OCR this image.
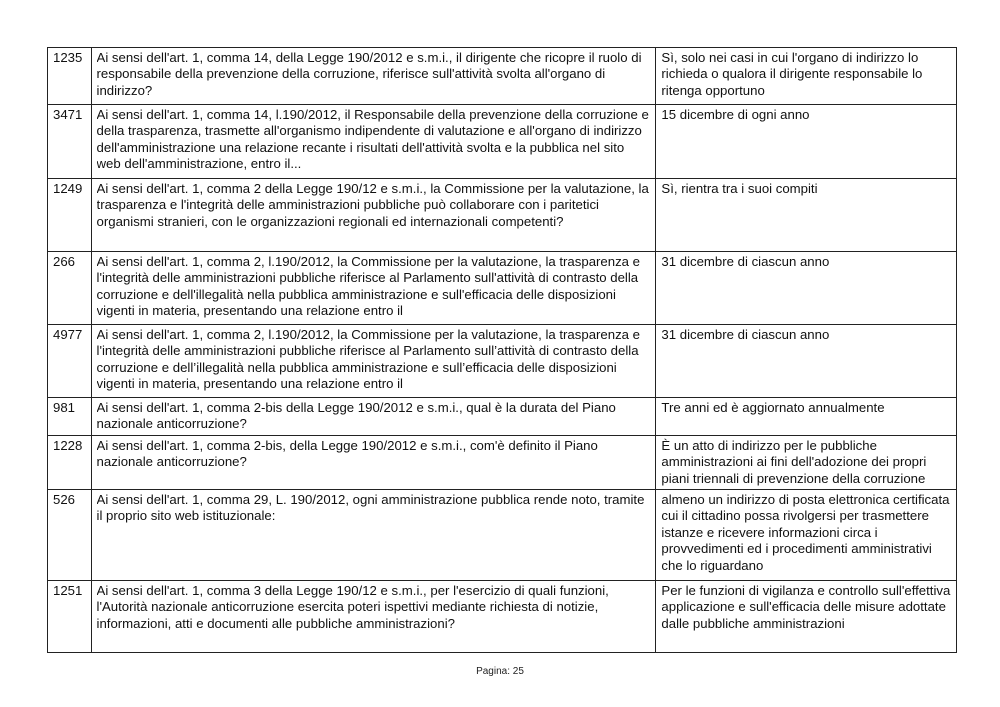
1235	Ai sensi dell'art. 1, comma 14, della Legge 190/2012 e s.m.i., il dirigente che ricopre il ruolo di responsabile della prevenzione della corruzione, riferisce sull'attività svolta all'organo di indirizzo?	Sì, solo nei casi in cui l'organo di indirizzo lo richieda o qualora il dirigente responsabile lo ritenga opportuno

3471	Ai sensi dell'art. 1, comma 14, l.190/2012, il Responsabile della prevenzione della corruzione e della trasparenza, trasmette all'organismo indipendente di valutazione e all'organo di indirizzo dell'amministrazione una relazione recante i risultati dell'attività svolta e la pubblica nel sito web dell'amministrazione, entro il...	15 dicembre di ogni anno

1249	Ai sensi dell'art. 1, comma 2 della Legge 190/12 e s.m.i., la Commissione per la valutazione, la trasparenza e l'integrità delle amministrazioni pubbliche può collaborare con i paritetici organismi stranieri, con le organizzazioni regionali ed internazionali competenti?	Sì, rientra tra i suoi compiti

266	Ai sensi dell'art. 1, comma 2, l.190/2012, la Commissione per la valutazione, la trasparenza e l'integrità delle amministrazioni pubbliche riferisce al Parlamento sull'attività di contrasto della corruzione e dell'illegalità nella pubblica amministrazione e sull'efficacia delle disposizioni vigenti in materia, presentando una relazione entro il	31 dicembre di ciascun anno

4977	Ai sensi dell'art. 1, comma 2, l.190/2012, la Commissione per la valutazione, la trasparenza e l'integrità delle amministrazioni pubbliche riferisce al Parlamento sull’attività di contrasto della corruzione e dell’illegalità nella pubblica amministrazione e sull’efficacia delle disposizioni vigenti in materia, presentando una relazione entro il	31 dicembre di ciascun anno

981	Ai sensi dell'art. 1, comma 2-bis della Legge 190/2012 e s.m.i., qual è la durata del Piano nazionale anticorruzione?	Tre anni ed è aggiornato annualmente

1228	Ai sensi dell'art. 1, comma 2-bis, della Legge 190/2012 e s.m.i., com'è definito il Piano nazionale anticorruzione?	È un atto di indirizzo per le pubbliche amministrazioni ai fini dell'adozione dei propri piani triennali di prevenzione della corruzione

526	Ai sensi dell'art. 1, comma 29, L. 190/2012, ogni amministrazione pubblica rende noto, tramite il proprio sito web istituzionale:	almeno un indirizzo di posta elettronica certificata cui il cittadino possa rivolgersi per trasmettere istanze e ricevere informazioni circa i provvedimenti ed i procedimenti amministrativi che lo riguardano

1251	Ai sensi dell'art. 1, comma 3 della Legge 190/12 e s.m.i., per l'esercizio di quali funzioni, l'Autorità nazionale anticorruzione esercita poteri ispettivi mediante richiesta di notizie, informazioni, atti e documenti alle pubbliche amministrazioni?	Per le funzioni di vigilanza e controllo sull'effettiva applicazione e sull'efficacia delle misure adottate dalle pubbliche amministrazioni
Pagina: 25
